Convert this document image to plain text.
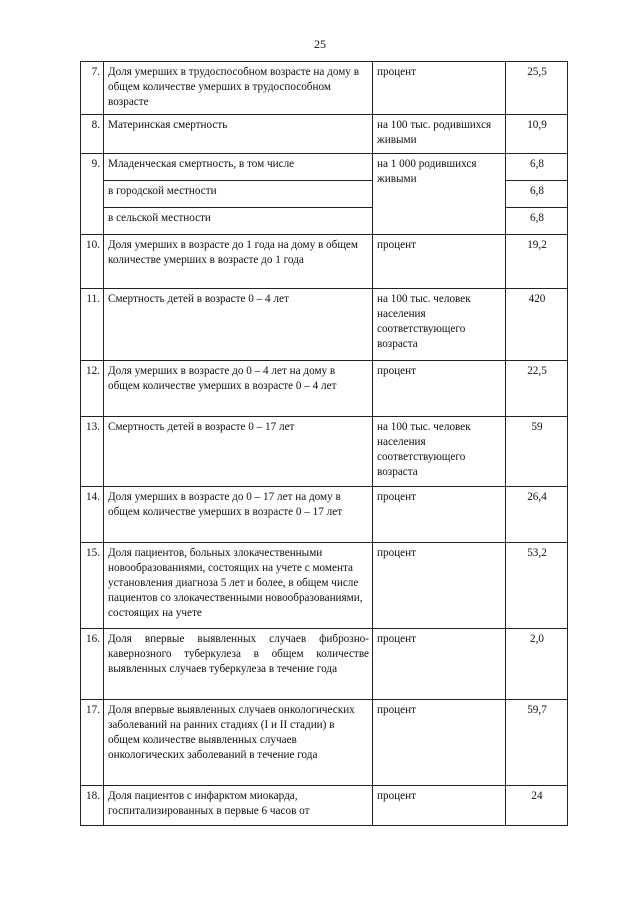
25
7.	Доля умерших в трудоспособном возрасте на дому в общем количестве умерших в трудоспособном возрасте	процент	25,5
8.	Материнская смертность	на 100 тыс. родившихся живыми	10,9
9.	Младенческая смертность, в том числе	на 1 000 родившихся живыми	6,8
	в городской местности		6,8
	в сельской местности		6,8
10.	Доля умерших в возрасте до 1 года на дому в общем количестве умерших в возрасте до 1 года	процент	19,2
11.	Смертность детей в возрасте 0 – 4 лет	на 100 тыс. человек населения соответствующего возраста	420
12.	Доля умерших в возрасте до 0 – 4 лет на дому в общем количестве умерших в возрасте 0 – 4 лет	процент	22,5
13.	Смертность детей в возрасте 0 – 17 лет	на 100 тыс. человек населения соответствующего возраста	59
14.	Доля умерших в возрасте до 0 – 17 лет на дому в общем количестве умерших в возрасте 0 – 17 лет	процент	26,4
15.	Доля пациентов, больных злокачественными новообразованиями, состоящих на учете с момента установления диагноза 5 лет и более, в общем числе пациентов со злокачественными новообразованиями, состоящих на учете	процент	53,2
16.	Доля впервые выявленных случаев фиброзно-кавернозного туберкулеза в общем количестве выявленных случаев туберкулеза в течение года	процент	2,0
17.	Доля впервые выявленных случаев онкологических заболеваний на ранних стадиях (I и II стадии) в общем количестве выявленных случаев онкологических заболеваний в течение года	процент	59,7
18.	Доля пациентов с инфарктом миокарда, госпитализированных в первые 6 часов от	процент	24
